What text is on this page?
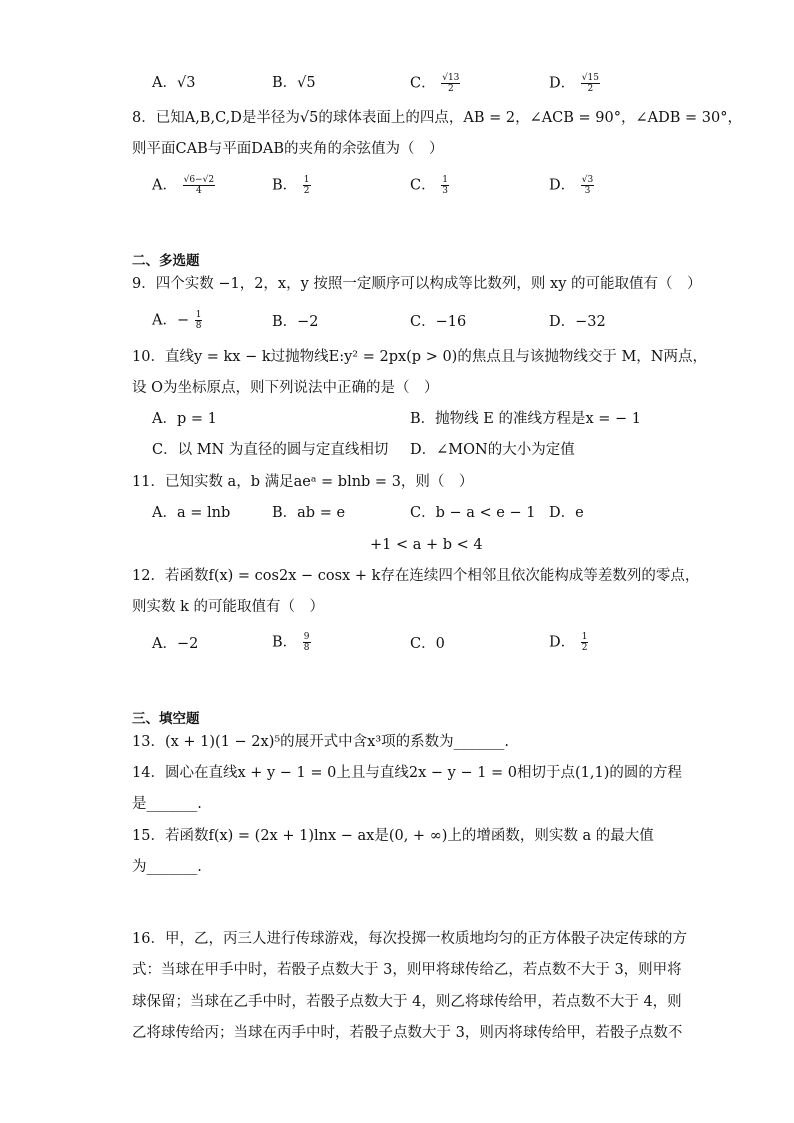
A．√3	B．√5	C． $\frac{√13}{2}$	D． $\frac{√15}{2}$
8．已知A,B,C,D是半径为√5的球体表面上的四点，AB = 2，∠ACB = 90°，∠ADB = 30°，
则平面CAB与平面DAB的夹角的余弦值为（　）
A． $\frac{√6-√2}{4}$	B． $\frac{1}{2}$	C． $\frac{1}{3}$	D． $\frac{√3}{3}$
二、多选题
9．四个实数 −1，2，x，y 按照一定顺序可以构成等比数列，则 xy 的可能取值有（　）
A．− $\frac{1}{8}$	B．−2	C．−16	D．−32
10．直线y = kx − k过抛物线E:y² = 2px(p > 0)的焦点且与该抛物线交于 M，N两点，
设 O为坐标原点，则下列说法中正确的是（　）
A．p = 1	B．抛物线 E 的准线方程是x = − 1
C．以 MN 为直径的圆与定直线相切 D．∠MON的大小为定值
11．已知实数 a，b 满足aeᵃ = blnb = 3，则（　）
A．a = lnb	B．ab = e	C．b − a < e − 1 D．e
+1 < a + b < 4
12．若函数f(x) = cos2x − cosx + k存在连续四个相邻且依次能构成等差数列的零点，
则实数 k 的可能取值有（　）
A．−2	B． $\frac{9}{8}$	C．0	D． $\frac{1}{2}$
三、填空题
13．(x + 1)(1 − 2x)⁵的展开式中含x³项的系数为_______.
14．圆心在直线x + y − 1 = 0上且与直线2x − y − 1 = 0相切于点(1,1)的圆的方程
是_______.
15．若函数f(x) = (2x + 1)lnx − ax是(0, + ∞)上的增函数，则实数 a 的最大值
为_______.
16．甲，乙，丙三人进行传球游戏，每次投掷一枚质地均匀的正方体骰子决定传球的方
式：当球在甲手中时，若骰子点数大于 3，则甲将球传给乙，若点数不大于 3，则甲将
球保留；当球在乙手中时，若骰子点数大于 4，则乙将球传给甲，若点数不大于 4，则
乙将球传给丙；当球在丙手中时，若骰子点数大于 3，则丙将球传给甲，若骰子点数不
